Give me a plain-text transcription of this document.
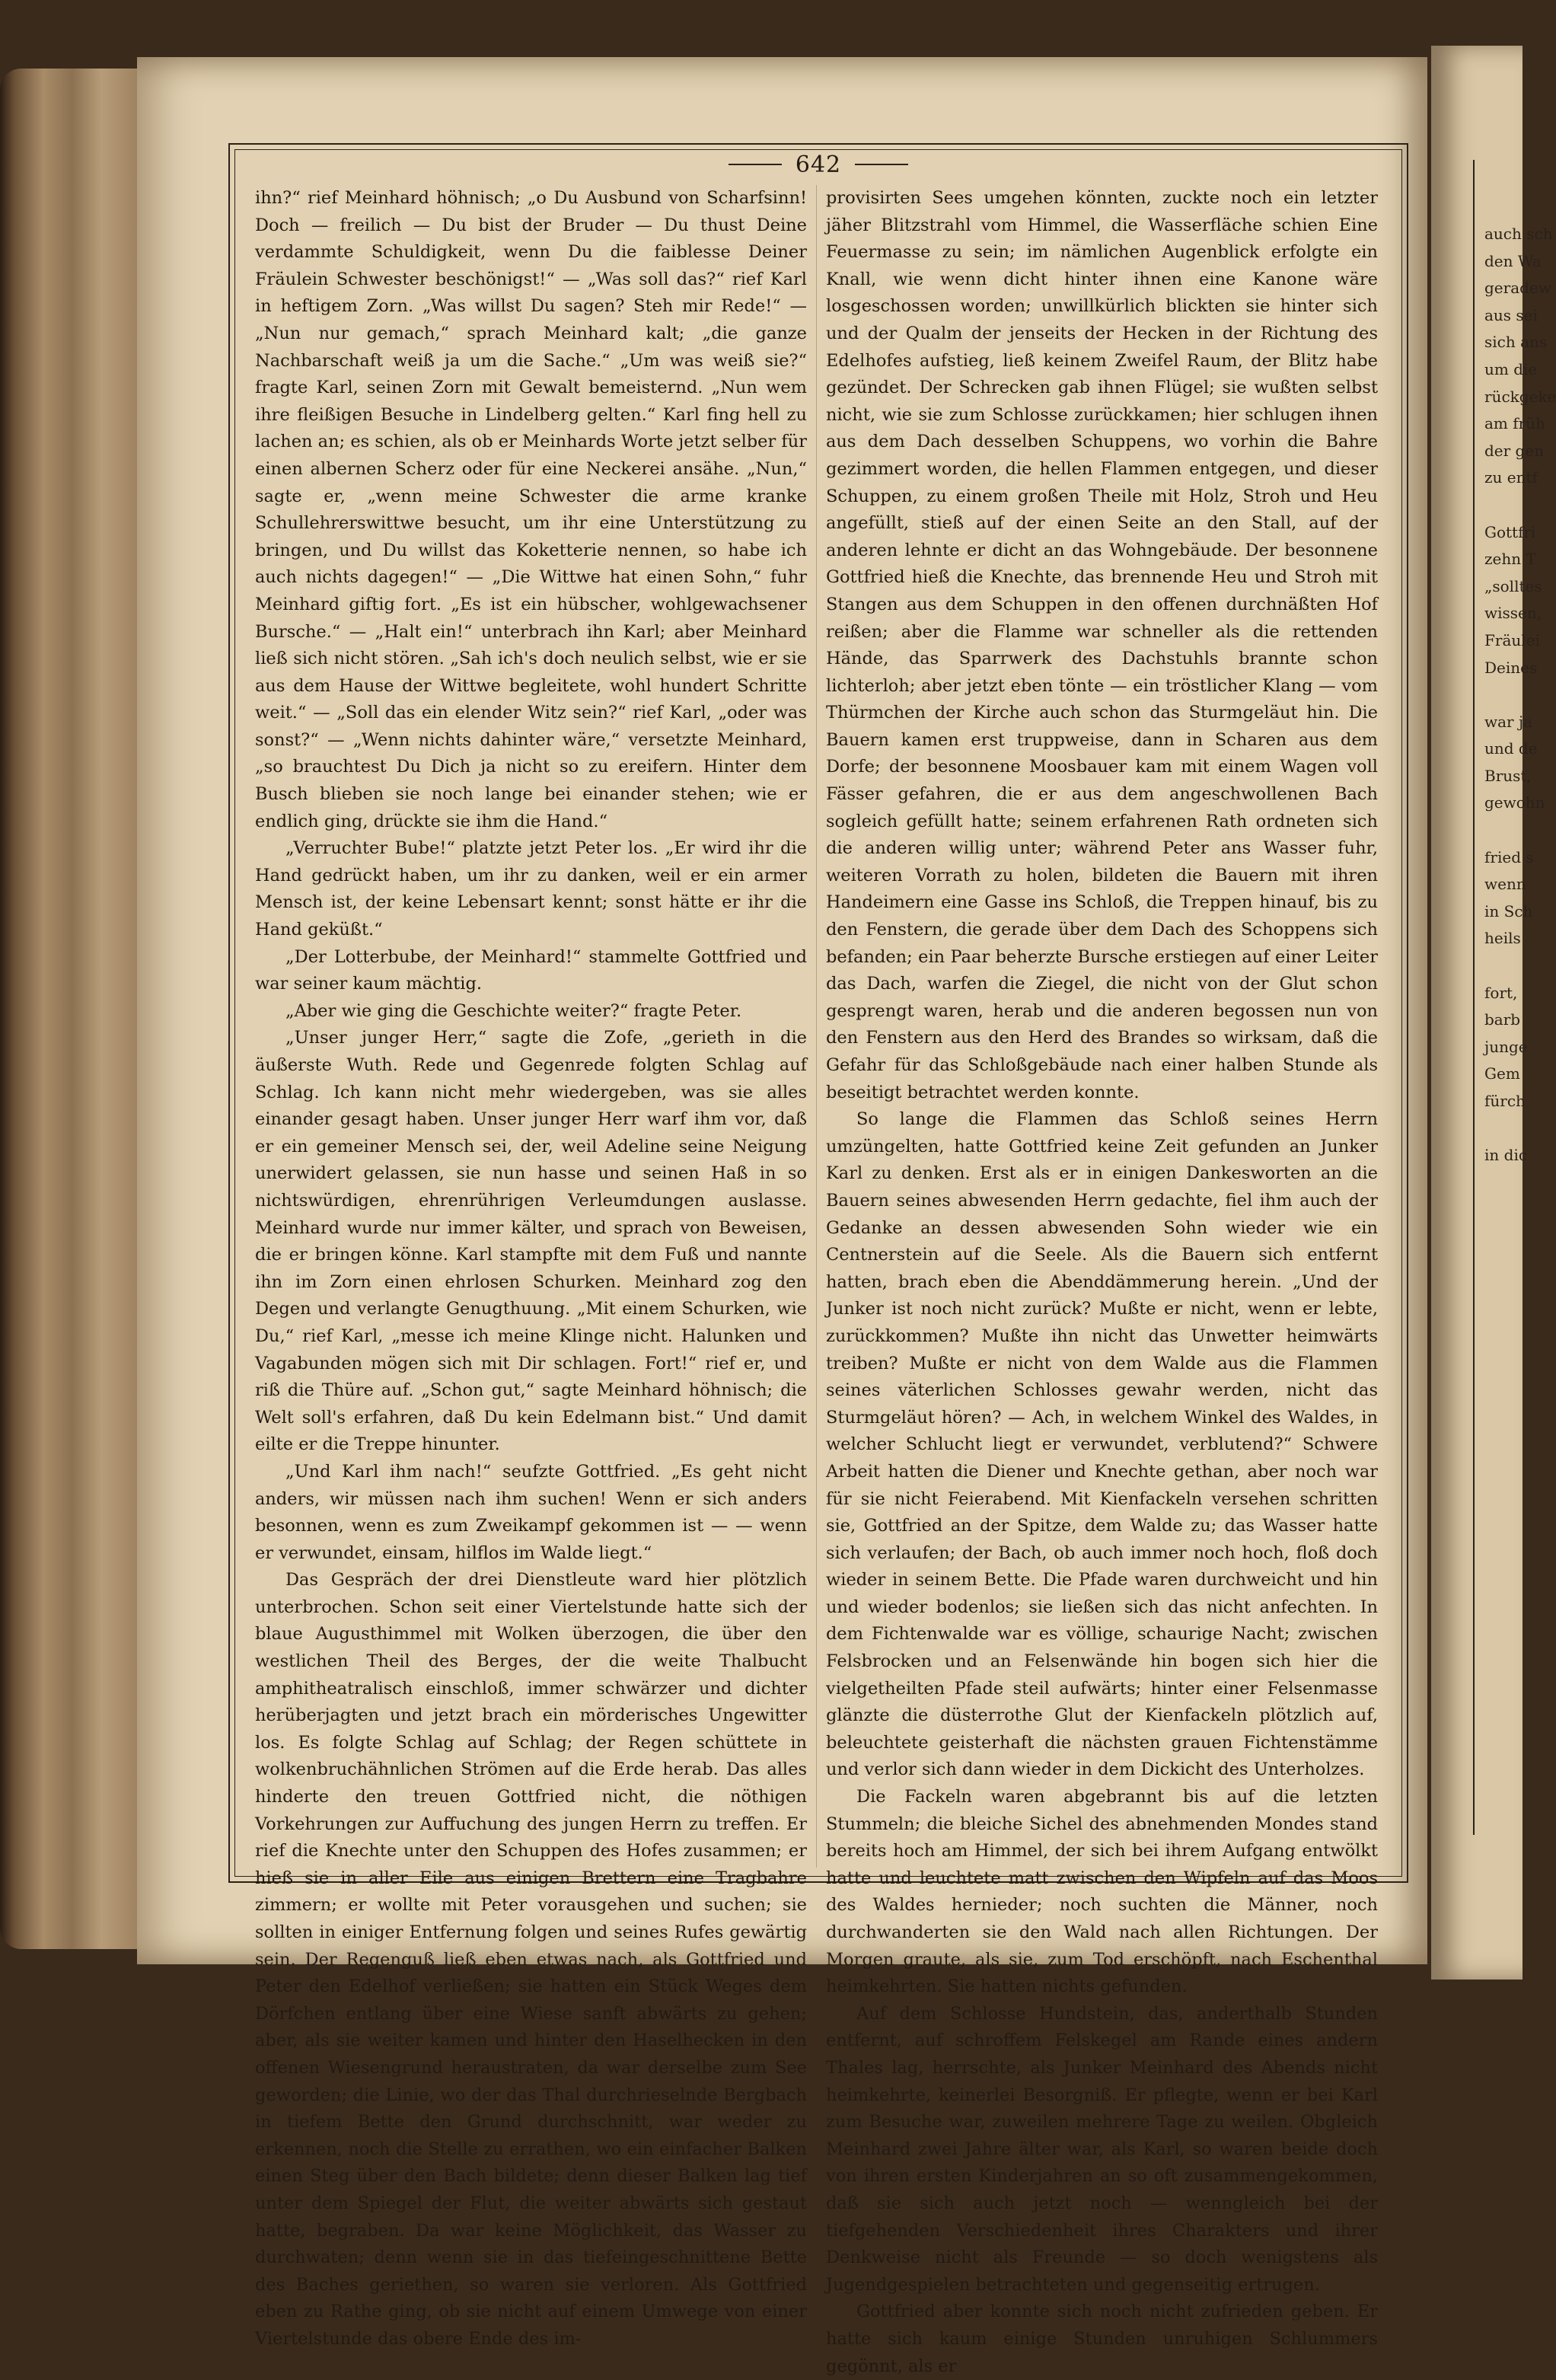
auch sch
den Wa
geradew
aus sei
sich ans
um die
rückgeke
am früh
der gen
zu entf

Gottfri
zehn T
„solltes
wissen,
Fräulei
Deines

war ja
und de
Brust,
gewohn

fried s
wenn
in Sch
heils

fort,
barb
junge
Gem
fürch

in dic
642

ihn?“ rief Meinhard höhnisch; „o Du Ausbund von Scharfsinn! Doch — freilich — Du bist der Bruder — Du thust Deine verdammte Schuldigkeit, wenn Du die faiblesse Deiner Fräulein Schwester beschönigst!“ — „Was soll das?“ rief Karl in heftigem Zorn. „Was willst Du sagen? Steh mir Rede!“ — „Nun nur gemach,“ sprach Meinhard kalt; „die ganze Nachbarschaft weiß ja um die Sache.“ „Um was weiß sie?“ fragte Karl, seinen Zorn mit Gewalt bemeisternd. „Nun wem ihre fleißigen Besuche in Lindelberg gelten.“ Karl fing hell zu lachen an; es schien, als ob er Meinhards Worte jetzt selber für einen albernen Scherz oder für eine Neckerei ansähe. „Nun,“ sagte er, „wenn meine Schwester die arme kranke Schullehrerswittwe besucht, um ihr eine Unterstützung zu bringen, und Du willst das Koketterie nennen, so habe ich auch nichts dagegen!“ — „Die Wittwe hat einen Sohn,“ fuhr Meinhard giftig fort. „Es ist ein hübscher, wohlgewachsener Bursche.“ — „Halt ein!“ unterbrach ihn Karl; aber Meinhard ließ sich nicht stören. „Sah ich's doch neulich selbst, wie er sie aus dem Hause der Wittwe begleitete, wohl hundert Schritte weit.“ — „Soll das ein elender Witz sein?“ rief Karl, „oder was sonst?“ — „Wenn nichts dahinter wäre,“ versetzte Meinhard, „so brauchtest Du Dich ja nicht so zu ereifern. Hinter dem Busch blieben sie noch lange bei einander stehen; wie er endlich ging, drückte sie ihm die Hand.“

„Verruchter Bube!“ platzte jetzt Peter los. „Er wird ihr die Hand gedrückt haben, um ihr zu danken, weil er ein armer Mensch ist, der keine Lebensart kennt; sonst hätte er ihr die Hand geküßt.“

„Der Lotterbube, der Meinhard!“ stammelte Gottfried und war seiner kaum mächtig.

„Aber wie ging die Geschichte weiter?“ fragte Peter.

„Unser junger Herr,“ sagte die Zofe, „gerieth in die äußerste Wuth. Rede und Gegenrede folgten Schlag auf Schlag. Ich kann nicht mehr wiedergeben, was sie alles einander gesagt haben. Unser junger Herr warf ihm vor, daß er ein gemeiner Mensch sei, der, weil Adeline seine Neigung unerwidert gelassen, sie nun hasse und seinen Haß in so nichtswürdigen, ehrenrührigen Verleumdungen auslasse. Meinhard wurde nur immer kälter, und sprach von Beweisen, die er bringen könne. Karl stampfte mit dem Fuß und nannte ihn im Zorn einen ehrlosen Schurken. Meinhard zog den Degen und verlangte Genugthuung. „Mit einem Schurken, wie Du,“ rief Karl, „messe ich meine Klinge nicht. Halunken und Vagabunden mögen sich mit Dir schlagen. Fort!“ rief er, und riß die Thüre auf. „Schon gut,“ sagte Meinhard höhnisch; die Welt soll's erfahren, daß Du kein Edelmann bist.“ Und damit eilte er die Treppe hinunter.

„Und Karl ihm nach!“ seufzte Gottfried. „Es geht nicht anders, wir müssen nach ihm suchen! Wenn er sich anders besonnen, wenn es zum Zweikampf gekommen ist — — wenn er verwundet, einsam, hilflos im Walde liegt.“

Das Gespräch der drei Dienstleute ward hier plötzlich unterbrochen. Schon seit einer Viertelstunde hatte sich der blaue Augusthimmel mit Wolken überzogen, die über den westlichen Theil des Berges, der die weite Thalbucht amphitheatralisch einschloß, immer schwärzer und dichter herüberjagten und jetzt brach ein mörderisches Ungewitter los. Es folgte Schlag auf Schlag; der Regen schüttete in wolkenbruchähnlichen Strömen auf die Erde herab. Das alles hinderte den treuen Gottfried nicht, die nöthigen Vorkehrungen zur Auffuchung des jungen Herrn zu treffen. Er rief die Knechte unter den Schuppen des Hofes zusammen; er hieß sie in aller Eile aus einigen Brettern eine Tragbahre zimmern; er wollte mit Peter vorausgehen und suchen; sie sollten in einiger Entfernung folgen und seines Rufes gewärtig sein. Der Regenguß ließ eben etwas nach, als Gottfried und Peter den Edelhof verließen; sie hatten ein Stück Weges dem Dörfchen entlang über eine Wiese sanft abwärts zu gehen; aber, als sie weiter kamen und hinter den Haselhecken in den offenen Wiesengrund heraustraten, da war derselbe zum See geworden; die Linie, wo der das Thal durchrieselnde Bergbach in tiefem Bette den Grund durchschnitt, war weder zu erkennen, noch die Stelle zu errathen, wo ein einfacher Balken einen Steg über den Bach bildete; denn dieser Balken lag tief unter dem Spiegel der Flut, die weiter abwärts sich gestaut hatte, begraben. Da war keine Möglichkeit, das Wasser zu durchwaten; denn wenn sie in das tiefeingeschnittene Bette des Baches geriethen, so waren sie verloren. Als Gottfried eben zu Rathe ging, ob sie nicht auf einem Umwege von einer Viertelstunde das obere Ende des im-

provisirten Sees umgehen könnten, zuckte noch ein letzter jäher Blitzstrahl vom Himmel, die Wasserfläche schien Eine Feuermasse zu sein; im nämlichen Augenblick erfolgte ein Knall, wie wenn dicht hinter ihnen eine Kanone wäre losgeschossen worden; unwillkürlich blickten sie hinter sich und der Qualm der jenseits der Hecken in der Richtung des Edelhofes aufstieg, ließ keinem Zweifel Raum, der Blitz habe gezündet. Der Schrecken gab ihnen Flügel; sie wußten selbst nicht, wie sie zum Schlosse zurückkamen; hier schlugen ihnen aus dem Dach desselben Schuppens, wo vorhin die Bahre gezimmert worden, die hellen Flammen entgegen, und dieser Schuppen, zu einem großen Theile mit Holz, Stroh und Heu angefüllt, stieß auf der einen Seite an den Stall, auf der anderen lehnte er dicht an das Wohngebäude. Der besonnene Gottfried hieß die Knechte, das brennende Heu und Stroh mit Stangen aus dem Schuppen in den offenen durchnäßten Hof reißen; aber die Flamme war schneller als die rettenden Hände, das Sparrwerk des Dachstuhls brannte schon lichterloh; aber jetzt eben tönte — ein tröstlicher Klang — vom Thürmchen der Kirche auch schon das Sturmgeläut hin. Die Bauern kamen erst truppweise, dann in Scharen aus dem Dorfe; der besonnene Moosbauer kam mit einem Wagen voll Fässer gefahren, die er aus dem angeschwollenen Bach sogleich gefüllt hatte; seinem erfahrenen Rath ordneten sich die anderen willig unter; während Peter ans Wasser fuhr, weiteren Vorrath zu holen, bildeten die Bauern mit ihren Handeimern eine Gasse ins Schloß, die Treppen hinauf, bis zu den Fenstern, die gerade über dem Dach des Schoppens sich befanden; ein Paar beherzte Bursche erstiegen auf einer Leiter das Dach, warfen die Ziegel, die nicht von der Glut schon gesprengt waren, herab und die anderen begossen nun von den Fenstern aus den Herd des Brandes so wirksam, daß die Gefahr für das Schloßgebäude nach einer halben Stunde als beseitigt betrachtet werden konnte.

So lange die Flammen das Schloß seines Herrn umzüngelten, hatte Gottfried keine Zeit gefunden an Junker Karl zu denken. Erst als er in einigen Dankesworten an die Bauern seines abwesenden Herrn gedachte, fiel ihm auch der Gedanke an dessen abwesenden Sohn wieder wie ein Centnerstein auf die Seele. Als die Bauern sich entfernt hatten, brach eben die Abenddämmerung herein. „Und der Junker ist noch nicht zurück? Mußte er nicht, wenn er lebte, zurückkommen? Mußte ihn nicht das Unwetter heimwärts treiben? Mußte er nicht von dem Walde aus die Flammen seines väterlichen Schlosses gewahr werden, nicht das Sturmgeläut hören? — Ach, in welchem Winkel des Waldes, in welcher Schlucht liegt er verwundet, verblutend?“ Schwere Arbeit hatten die Diener und Knechte gethan, aber noch war für sie nicht Feierabend. Mit Kienfackeln versehen schritten sie, Gottfried an der Spitze, dem Walde zu; das Wasser hatte sich verlaufen; der Bach, ob auch immer noch hoch, floß doch wieder in seinem Bette. Die Pfade waren durchweicht und hin und wieder bodenlos; sie ließen sich das nicht anfechten. In dem Fichtenwalde war es völlige, schaurige Nacht; zwischen Felsbrocken und an Felsenwände hin bogen sich hier die vielgetheilten Pfade steil aufwärts; hinter einer Felsenmasse glänzte die düsterrothe Glut der Kienfackeln plötzlich auf, beleuchtete geisterhaft die nächsten grauen Fichtenstämme und verlor sich dann wieder in dem Dickicht des Unterholzes.

Die Fackeln waren abgebrannt bis auf die letzten Stummeln; die bleiche Sichel des abnehmenden Mondes stand bereits hoch am Himmel, der sich bei ihrem Aufgang entwölkt hatte und leuchtete matt zwischen den Wipfeln auf das Moos des Waldes hernieder; noch suchten die Männer, noch durchwanderten sie den Wald nach allen Richtungen. Der Morgen graute, als sie, zum Tod erschöpft, nach Eschenthal heimkehrten. Sie hatten nichts gefunden.

Auf dem Schlosse Hundstein, das, anderthalb Stunden entfernt, auf schroffem Felskegel am Rande eines andern Thales lag, herrschte, als Junker Meinhard des Abends nicht heimkehrte, keinerlei Besorgniß. Er pflegte, wenn er bei Karl zum Besuche war, zuweilen mehrere Tage zu weilen. Obgleich Meinhard zwei Jahre älter war, als Karl, so waren beide doch von ihren ersten Kinderjahren an so oft zusammengekommen, daß sie sich auch jetzt noch — wenngleich bei der tiefgehenden Verschiedenheit ihres Charakters und ihrer Denkweise nicht als Freunde — so doch wenigstens als Jugendgespielen betrachteten und gegenseitig ertrugen.

Gottfried aber konnte sich noch nicht zufrieden geben. Er hatte sich kaum einige Stunden unruhigen Schlummers gegönnt, als er
